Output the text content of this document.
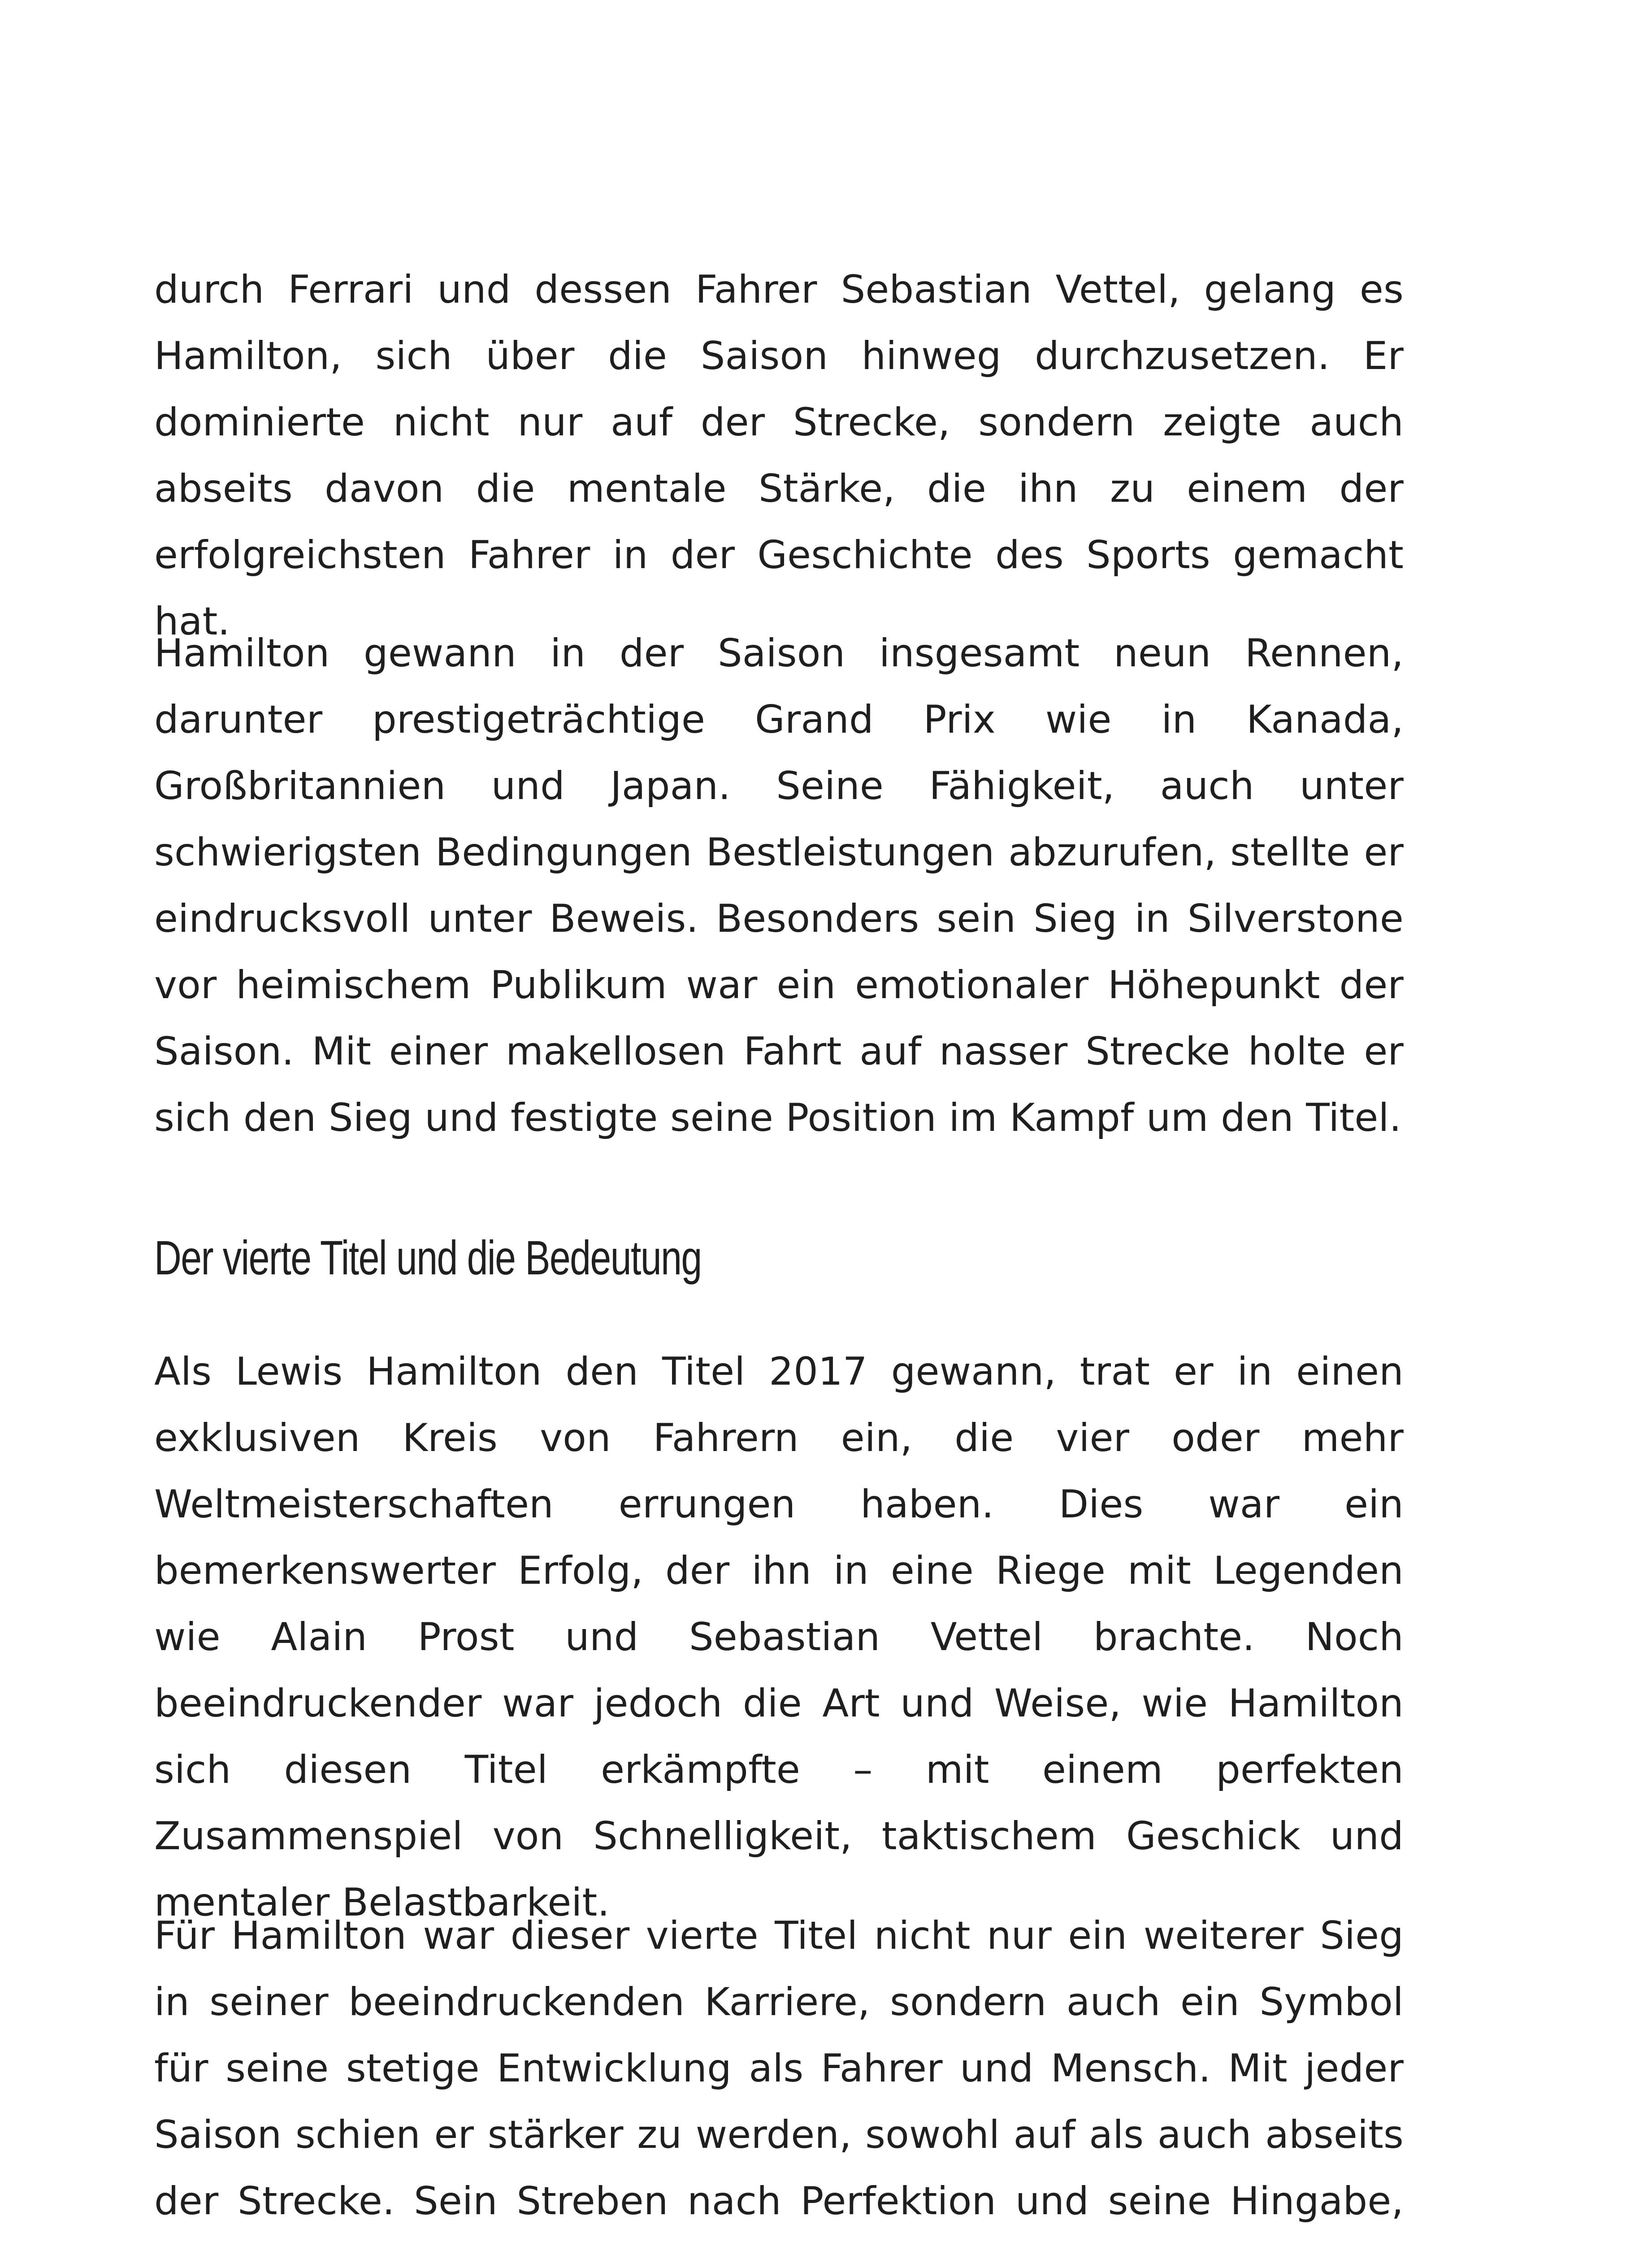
durch Ferrari und dessen Fahrer Sebastian Vettel, gelang es Hamilton, sich über die Saison hinweg durchzusetzen. Er dominierte nicht nur auf der Strecke, sondern zeigte auch abseits davon die mentale Stärke, die ihn zu einem der erfolgreichsten Fahrer in der Geschichte des Sports gemacht hat.

Hamilton gewann in der Saison insgesamt neun Rennen, darunter prestigeträchtige Grand Prix wie in Kanada, Großbritannien und Japan. Seine Fähigkeit, auch unter schwierigsten Bedingungen Bestleistungen abzurufen, stellte er eindrucksvoll unter Beweis. Besonders sein Sieg in Silverstone vor heimischem Publikum war ein emotionaler Höhepunkt der Saison. Mit einer makellosen Fahrt auf nasser Strecke holte er sich den Sieg und festigte seine Position im Kampf um den Titel.

Der vierte Titel und die Bedeutung

Als Lewis Hamilton den Titel 2017 gewann, trat er in einen exklusiven Kreis von Fahrern ein, die vier oder mehr Weltmeisterschaften errungen haben. Dies war ein bemerkenswerter Erfolg, der ihn in eine Riege mit Legenden wie Alain Prost und Sebastian Vettel brachte. Noch beeindruckender war jedoch die Art und Weise, wie Hamilton sich diesen Titel erkämpfte – mit einem perfekten Zusammenspiel von Schnelligkeit, taktischem Geschick und mentaler Belastbarkeit.

Für Hamilton war dieser vierte Titel nicht nur ein weiterer Sieg in seiner beeindruckenden Karriere, sondern auch ein Symbol für seine stetige Entwicklung als Fahrer und Mensch. Mit jeder Saison schien er stärker zu werden, sowohl auf als auch abseits der Strecke. Sein Streben nach Perfektion und seine Hingabe,
